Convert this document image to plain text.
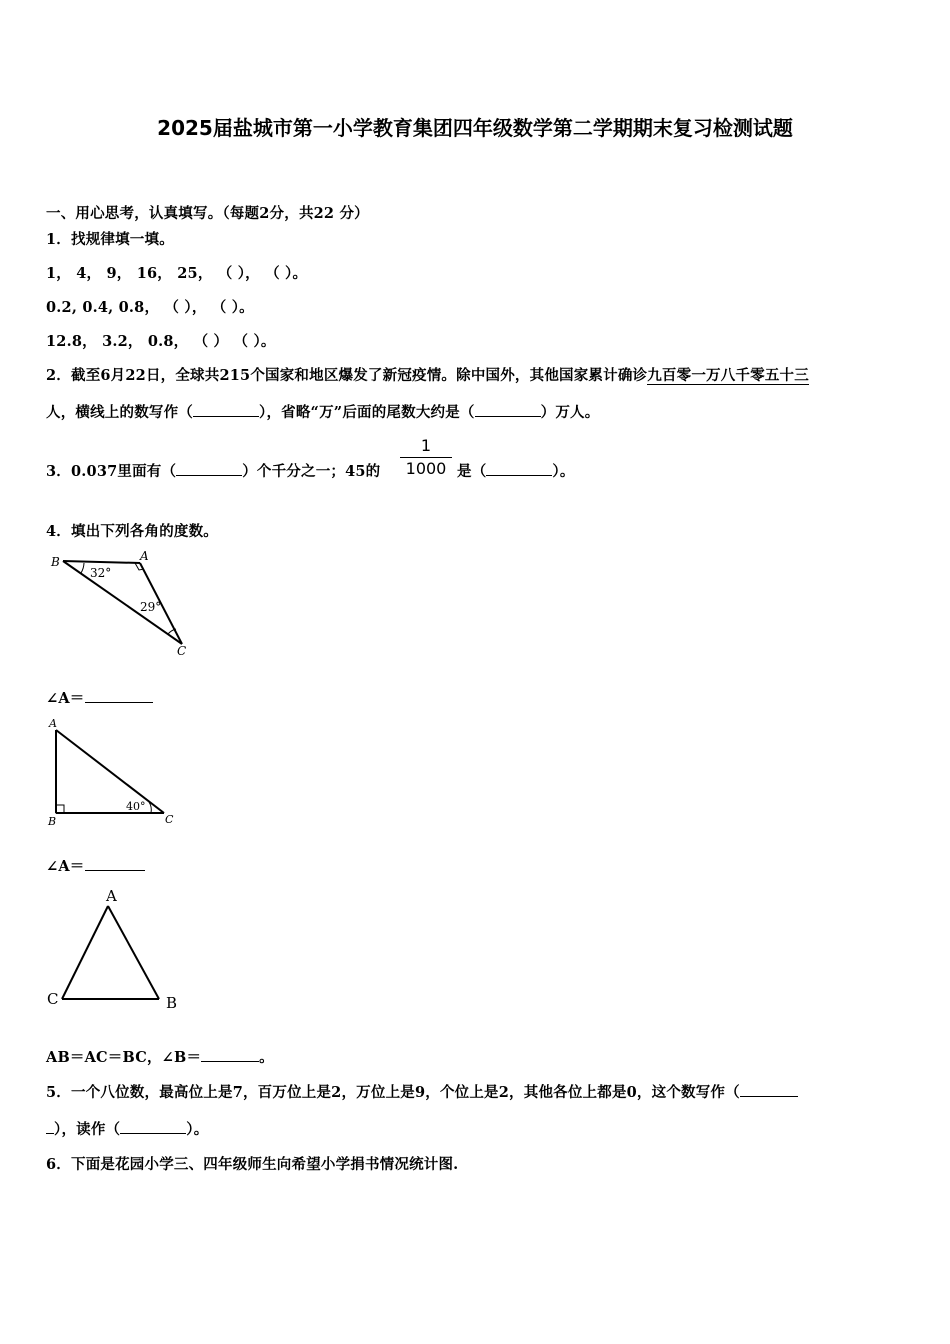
2025届盐城市第一小学教育集团四年级数学第二学期期末复习检测试题
一、用心思考，认真填写。（每题2分，共22 分）
1．找规律填一填。
1， 4， 9， 16， 25， （ ）， （ ）。
0.2, 0.4, 0.8， （ ）， （ ）。
12.8， 3.2， 0.8， （ ） （ ）。
2．截至6月22日，全球共215个国家和地区爆发了新冠疫情。除中国外，其他国家累计确诊九百零一万八千零五十三
人，横线上的数写作（	），省略“万”后面的尾数大约是（	）万人。
3．0.037里面有（	）个千分之一；45的
1
1000 是（	）。
4．填出下列各角的度数。
B	A
C
32°
29°
∠A＝
A
B	C
40°
∠A＝
A
C	B
AB＝AC＝BC，∠B＝	。
5．一个八位数，最高位上是7，百万位上是2，万位上是9，个位上是2，其他各位上都是0，这个数写作（
），读作（	）。
6．下面是花园小学三、四年级师生向希望小学捐书情况统计图.
